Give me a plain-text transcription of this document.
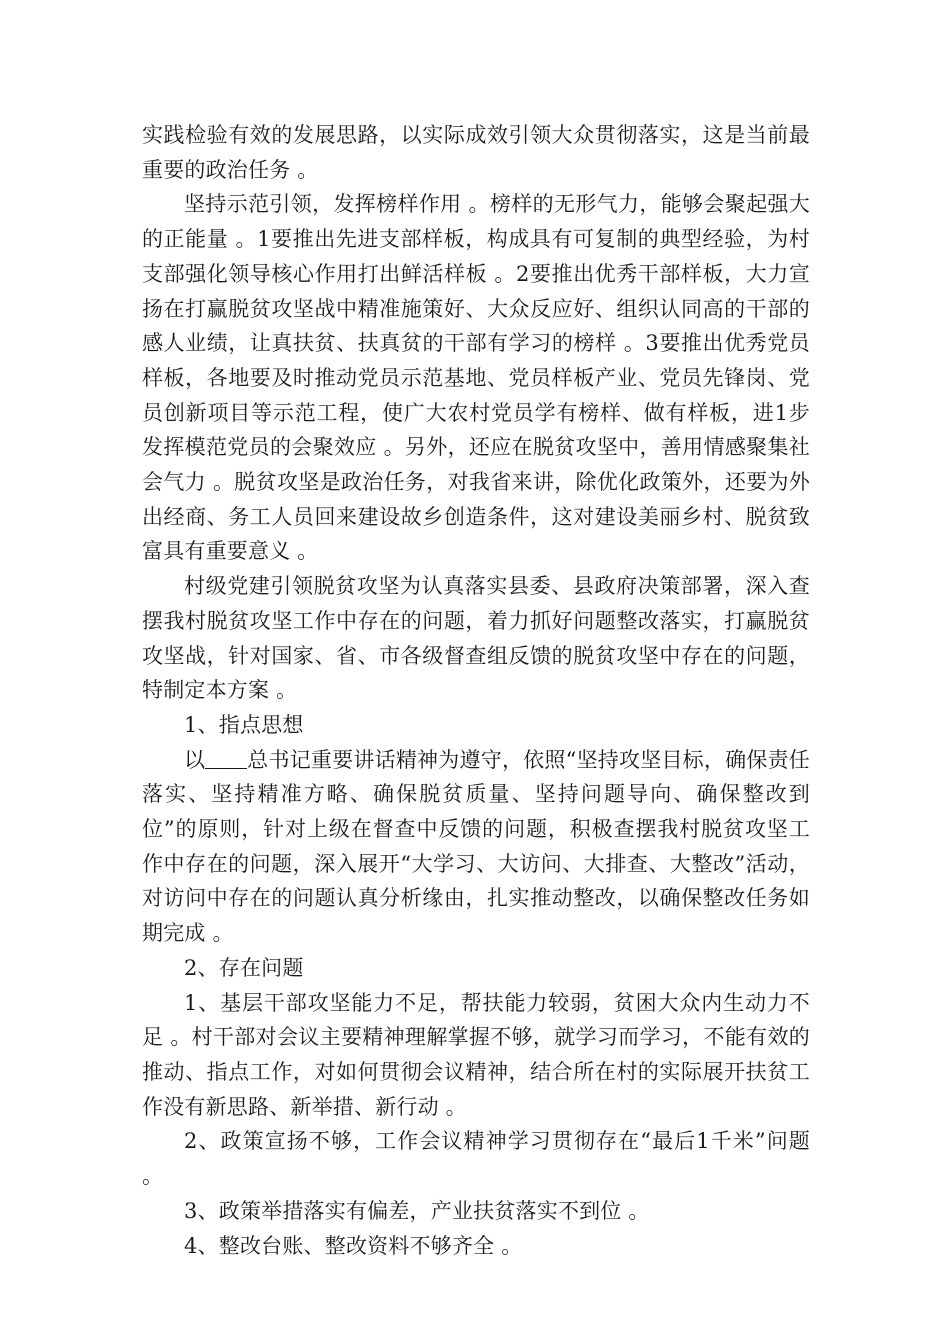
实践检验有效的发展思路，以实际成效引领大众贯彻落实，这是当前最重要的政治任务 。

坚持示范引领，发挥榜样作用 。榜样的无形气力，能够会聚起强大的正能量 。1要推出先进支部样板，构成具有可复制的典型经验，为村支部强化领导核心作用打出鲜活样板 。2要推出优秀干部样板，大力宣扬在打赢脱贫攻坚战中精准施策好、大众反应好、组织认同高的干部的感人业绩，让真扶贫、扶真贫的干部有学习的榜样 。3要推出优秀党员样板，各地要及时推动党员示范基地、党员样板产业、党员先锋岗、党员创新项目等示范工程，使广大农村党员学有榜样、做有样板，进1步发挥模范党员的会聚效应 。另外，还应在脱贫攻坚中，善用情感聚集社会气力 。脱贫攻坚是政治任务，对我省来讲，除优化政策外，还要为外出经商、务工人员回来建设故乡创造条件，这对建设美丽乡村、脱贫致富具有重要意义 。

村级党建引领脱贫攻坚为认真落实县委、县政府决策部署，深入查摆我村脱贫攻坚工作中存在的问题，着力抓好问题整改落实，打赢脱贫攻坚战，针对国家、省、市各级督查组反馈的脱贫攻坚中存在的问题，特制定本方案 。

1、指点思想

以 总书记重要讲话精神为遵守，依照“坚持攻坚目标，确保责任落实、坚持精准方略、确保脱贫质量、坚持问题导向、确保整改到位”的原则，针对上级在督查中反馈的问题，积极查摆我村脱贫攻坚工作中存在的问题，深入展开“大学习、大访问、大排查、大整改”活动，对访问中存在的问题认真分析缘由，扎实推动整改，以确保整改任务如期完成 。

2、存在问题

1、基层干部攻坚能力不足，帮扶能力较弱，贫困大众内生动力不足 。村干部对会议主要精神理解掌握不够，就学习而学习，不能有效的推动、指点工作，对如何贯彻会议精神，结合所在村的实际展开扶贫工作没有新思路、新举措、新行动 。

2、政策宣扬不够，工作会议精神学习贯彻存在“最后1千米”问题 。

3、政策举措落实有偏差，产业扶贫落实不到位 。

4、整改台账、整改资料不够齐全 。
